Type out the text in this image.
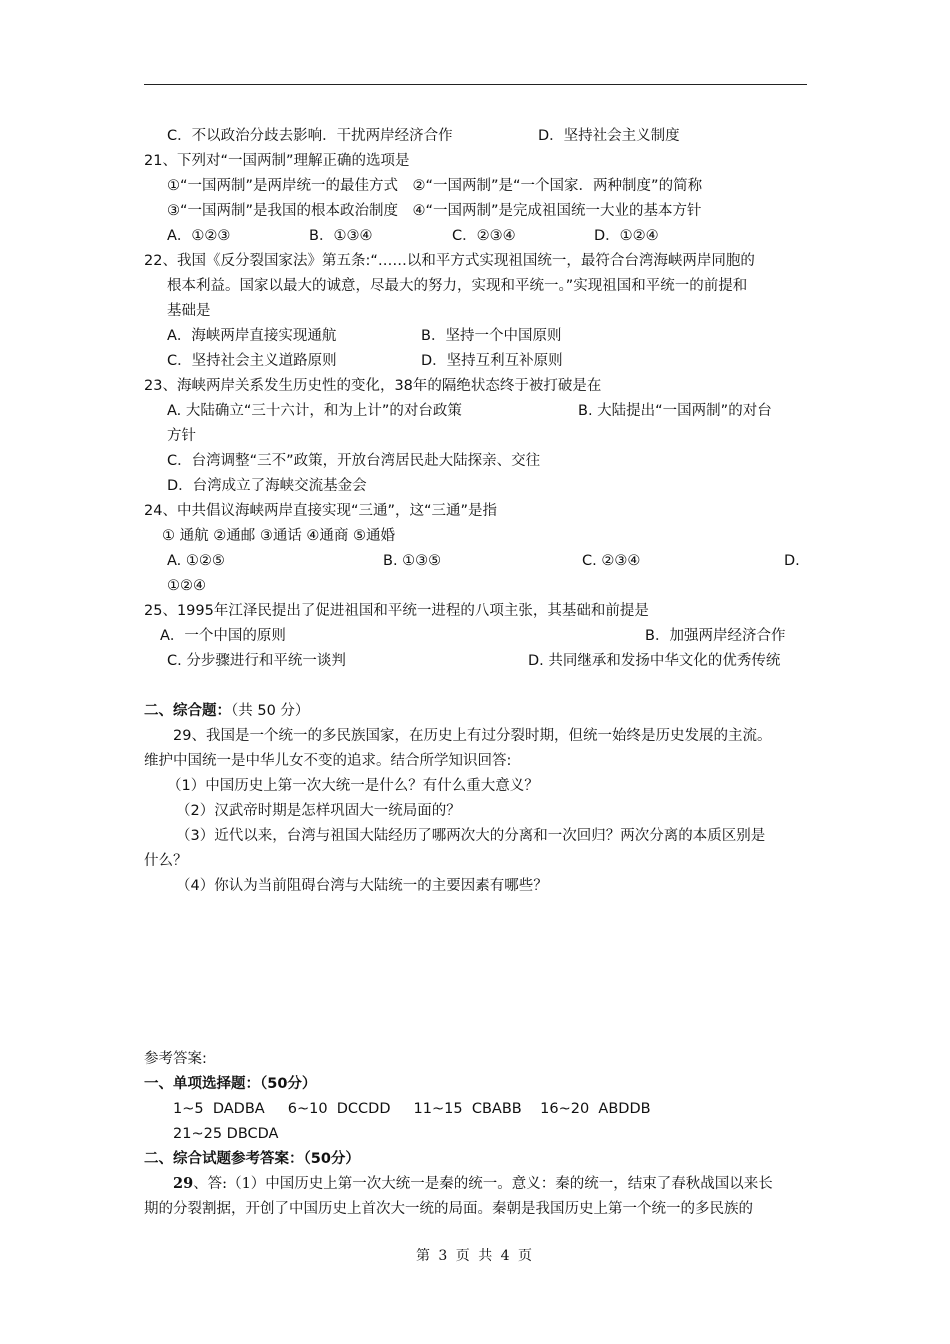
C．不以政治分歧去影响．干扰两岸经济合作	D．坚持社会主义制度
21、下列对“一国两制”理解正确的选项是
①“一国两制”是两岸统一的最佳方式　②“一国两制”是“一个国家．两种制度”的简称
③“一国两制”是我国的根本政治制度　④“一国两制”是完成祖国统一大业的基本方针
A．①②③	B．①③④	C．②③④	D．①②④
22、我国《反分裂国家法》第五条:“……以和平方式实现祖国统一，最符合台湾海峡两岸同胞的
根本利益。国家以最大的诚意，尽最大的努力，实现和平统一。”实现祖国和平统一的前提和
基础是
A．海峡两岸直接实现通航	B．坚持一个中国原则
C．坚持社会主义道路原则	D．坚持互利互补原则
23、海峡两岸关系发生历史性的变化，38年的隔绝状态终于被打破是在
A. 大陆确立“三十六计，和为上计”的对台政策	B. 大陆提出“一国两制”的对台
方针
C．台湾调整“三不”政策，开放台湾居民赴大陆探亲、交往
D．台湾成立了海峡交流基金会
24、中共倡议海峡两岸直接实现“三通”，这“三通”是指
① 通航 ②通邮 ③通话 ④通商 ⑤通婚
A. ①②⑤	B. ①③⑤	C. ②③④	D.
①②④
25、1995年江泽民提出了促进祖国和平统一进程的八项主张，其基础和前提是
A．一个中国的原则	B．加强两岸经济合作
C. 分步骤进行和平统一谈判	D. 共同继承和发扬中华文化的优秀传统
二、综合题：（共 50 分）
29、我国是一个统一的多民族国家，在历史上有过分裂时期，但统一始终是历史发展的主流。
维护中国统一是中华儿女不变的追求。结合所学知识回答:
（1）中国历史上第一次大统一是什么？有什么重大意义？
（2）汉武帝时期是怎样巩固大一统局面的？
（3）近代以来，台湾与祖国大陆经历了哪两次大的分离和一次回归？两次分离的本质区别是
什么？
（4）你认为当前阻碍台湾与大陆统一的主要因素有哪些？
参考答案:
一、单项选择题：（50分）
1~5  DADBA     6~10  DCCDD     11~15  CBABB    16~20  ABDDB
21~25 DBCDA
二、综合试题参考答案：（50分）
29、答:（1）中国历史上第一次大统一是秦的统一。意义：秦的统一，结束了春秋战国以来长
期的分裂割据，开创了中国历史上首次大一统的局面。秦朝是我国历史上第一个统一的多民族的
第 3 页 共 4 页
